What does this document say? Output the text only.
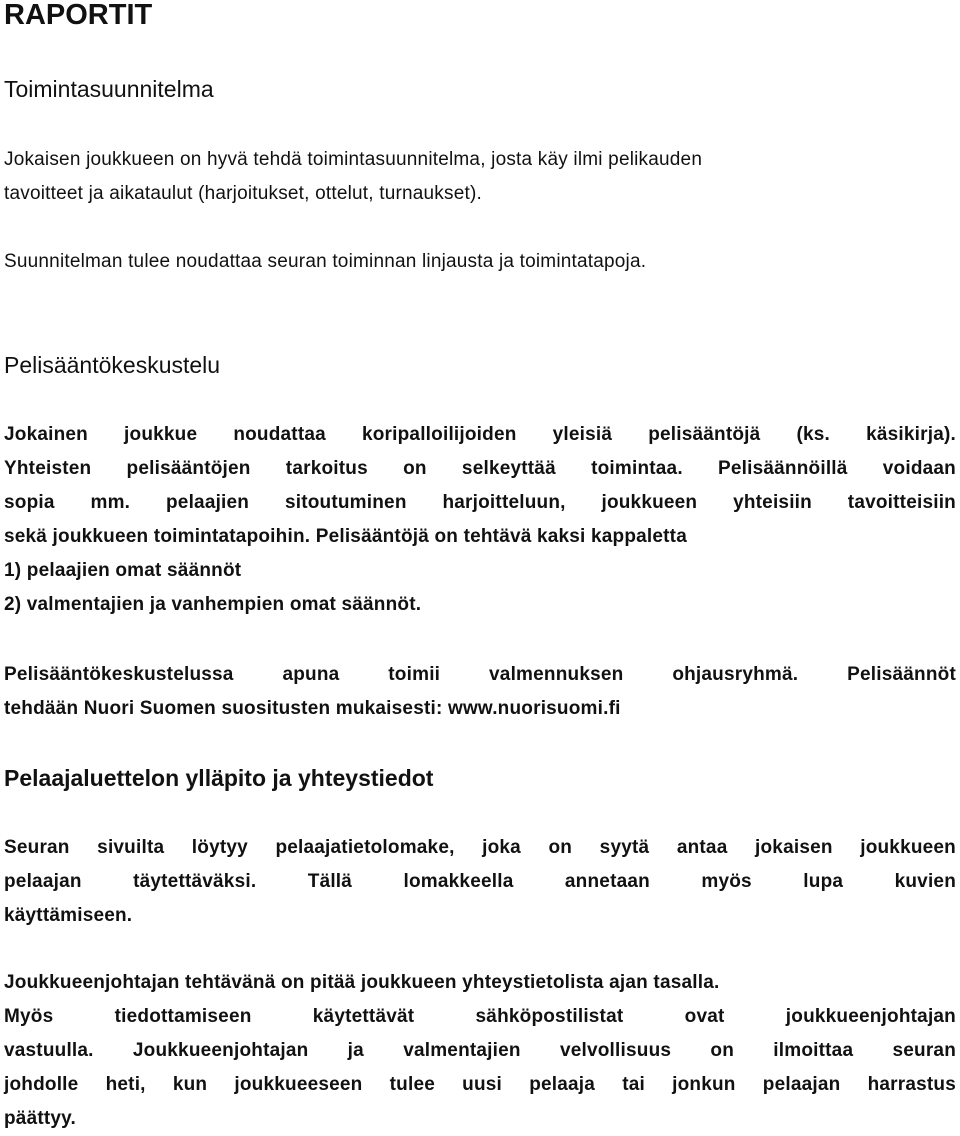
RAPORTIT
Toimintasuunnitelma

Jokaisen joukkueen on hyvä tehdä toimintasuunnitelma, josta käy ilmi pelikauden
tavoitteet ja aikataulut (harjoitukset, ottelut, turnaukset).

Suunnitelman tulee noudattaa seuran toiminnan linjausta ja toimintatapoja.

Pelisääntökeskustelu

Jokainen joukkue noudattaa koripalloilijoiden yleisiä pelisääntöjä (ks. käsikirja).
Yhteisten pelisääntöjen tarkoitus on selkeyttää toimintaa. Pelisäännöillä voidaan
sopia mm. pelaajien sitoutuminen harjoitteluun, joukkueen yhteisiin tavoitteisiin
sekä joukkueen toimintatapoihin. Pelisääntöjä on tehtävä kaksi kappaletta
1) pelaajien omat säännöt
2) valmentajien ja vanhempien omat säännöt.

Pelisääntökeskustelussa apuna toimii valmennuksen ohjausryhmä. Pelisäännöt
tehdään Nuori Suomen suositusten mukaisesti: www.nuorisuomi.fi

Pelaajaluettelon ylläpito ja yhteystiedot

Seuran sivuilta löytyy pelaajatietolomake, joka on syytä antaa jokaisen joukkueen
pelaajan täytettäväksi. Tällä lomakkeella annetaan myös lupa kuvien
käyttämiseen.

Joukkueenjohtajan tehtävänä on pitää joukkueen yhteystietolista ajan tasalla.
Myös tiedottamiseen käytettävät sähköpostilistat ovat joukkueenjohtajan
vastuulla. Joukkueenjohtajan ja valmentajien velvollisuus on ilmoittaa seuran
johdolle heti, kun joukkueeseen tulee uusi pelaaja tai jonkun pelaajan harrastus
päättyy.
